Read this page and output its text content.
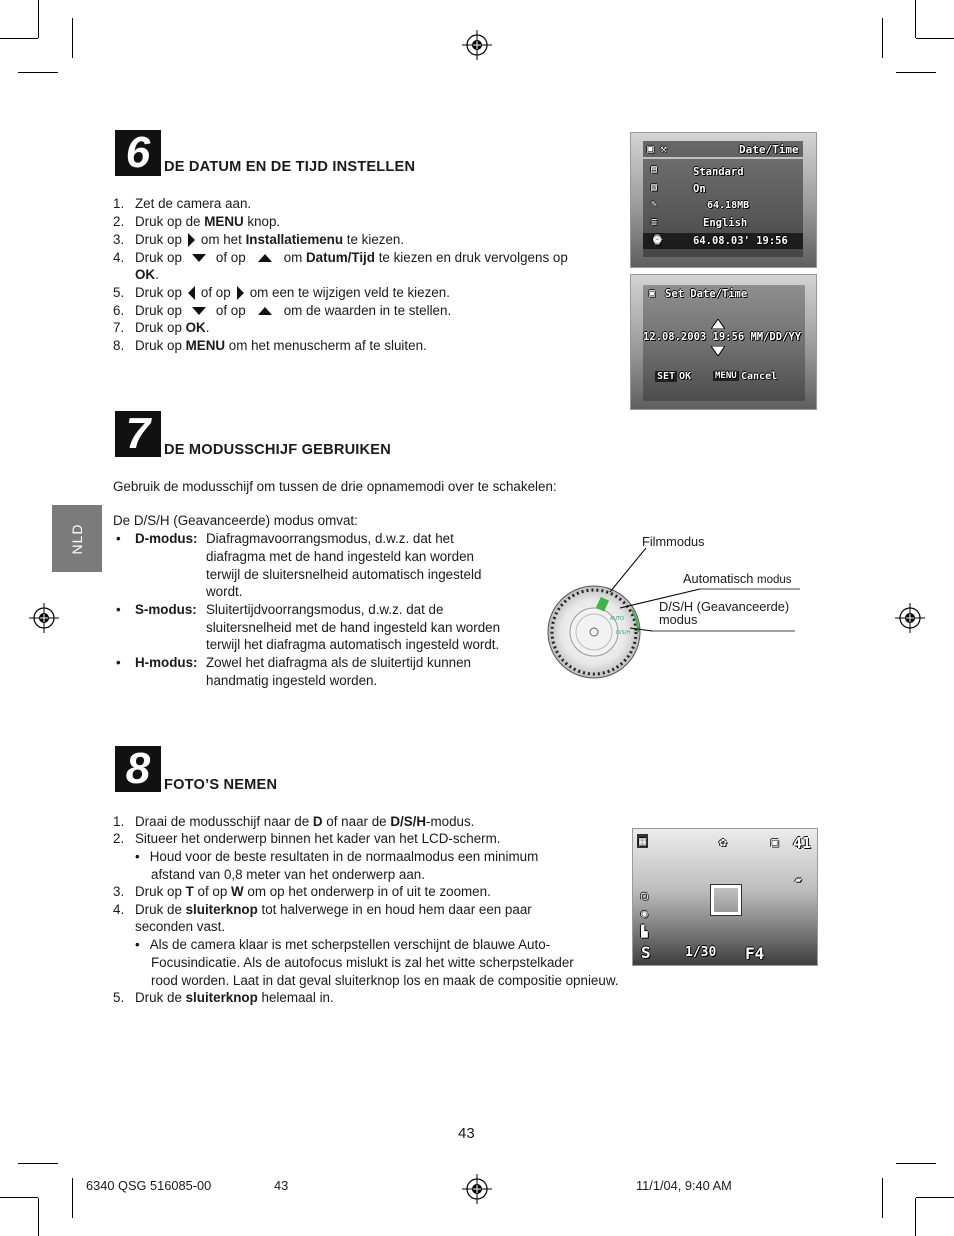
6 DE DATUM EN DE TIJD INSTELLEN
1. Zet de camera aan.
2. Druk op de MENU knop.
3. Druk op om het Installatiemenu te kiezen.
4. Druk op	of op	om Datum/Tijd te kiezen en druk vervolgens op
OK.
5. Druk op of op om een te wijzigen veld te kiezen.
6. Druk op	of op	om de waarden in te stellen.
7. Druk op OK.
8. Druk op MENU om het menuscherm af te sluiten.
▣ ⚒	Date/Time
▤
▧
✎
≡
⌚
Standard
On
64.18MB
English
64.08.03' 19:56
▣ Set Date/Time
12.08.2003 19:56 MM/DD/YY
SET OK	MENU Cancel
7 DE MODUSSCHIJF GEBRUIKEN
Gebruik de modusschijf om tussen de drie opnamemodi over te schakelen:
De D/S/H (Geavanceerde) modus omvat:
• D-modus: Diafragmavoorrangsmodus, d.w.z. dat het
diafragma met de hand ingesteld kan worden
terwijl de sluitersnelheid automatisch ingesteld
wordt.
• S-modus: Sluitertijdvoorrangsmodus, d.w.z. dat de
sluitersnelheid met de hand ingesteld kan worden
terwijl het diafragma automatisch ingesteld wordt.
• H-modus: Zowel het diafragma als de sluitertijd kunnen
handmatig ingesteld worden.
AUTO
D/S/H
Filmmodus
Automatisch modus
D/S/H (Geavanceerde)
modus
NLD
8 FOTO’S NEMEN
1. Draai de modusschijf naar de D of naar de D/S/H-modus.
2. Situeer het onderwerp binnen het kader van het LCD-scherm.
• Houd voor de beste resultaten in de normaalmodus een minimum
afstand van 0,8 meter van het onderwerp aan.
3. Druk op T of op W om op het onderwerp in of uit te zoomen.
4. Druk de sluiterknop tot halverwege in en houd hem daar een paar
seconden vast.
• Als de camera klaar is met scherpstellen verschijnt de blauwe Auto-
Focusindicatie. Als de autofocus mislukt is zal het witte scherpstelkader
rood worden. Laat in dat geval sluiterknop los en maak de compositie opnieuw.
5. Druk de sluiterknop helemaal in.
▦	✿	▣ 41
▰
▢
◉
▙
S	1/30 F4
43
6340 QSG 516085-00	43	11/1/04, 9:40 AM
